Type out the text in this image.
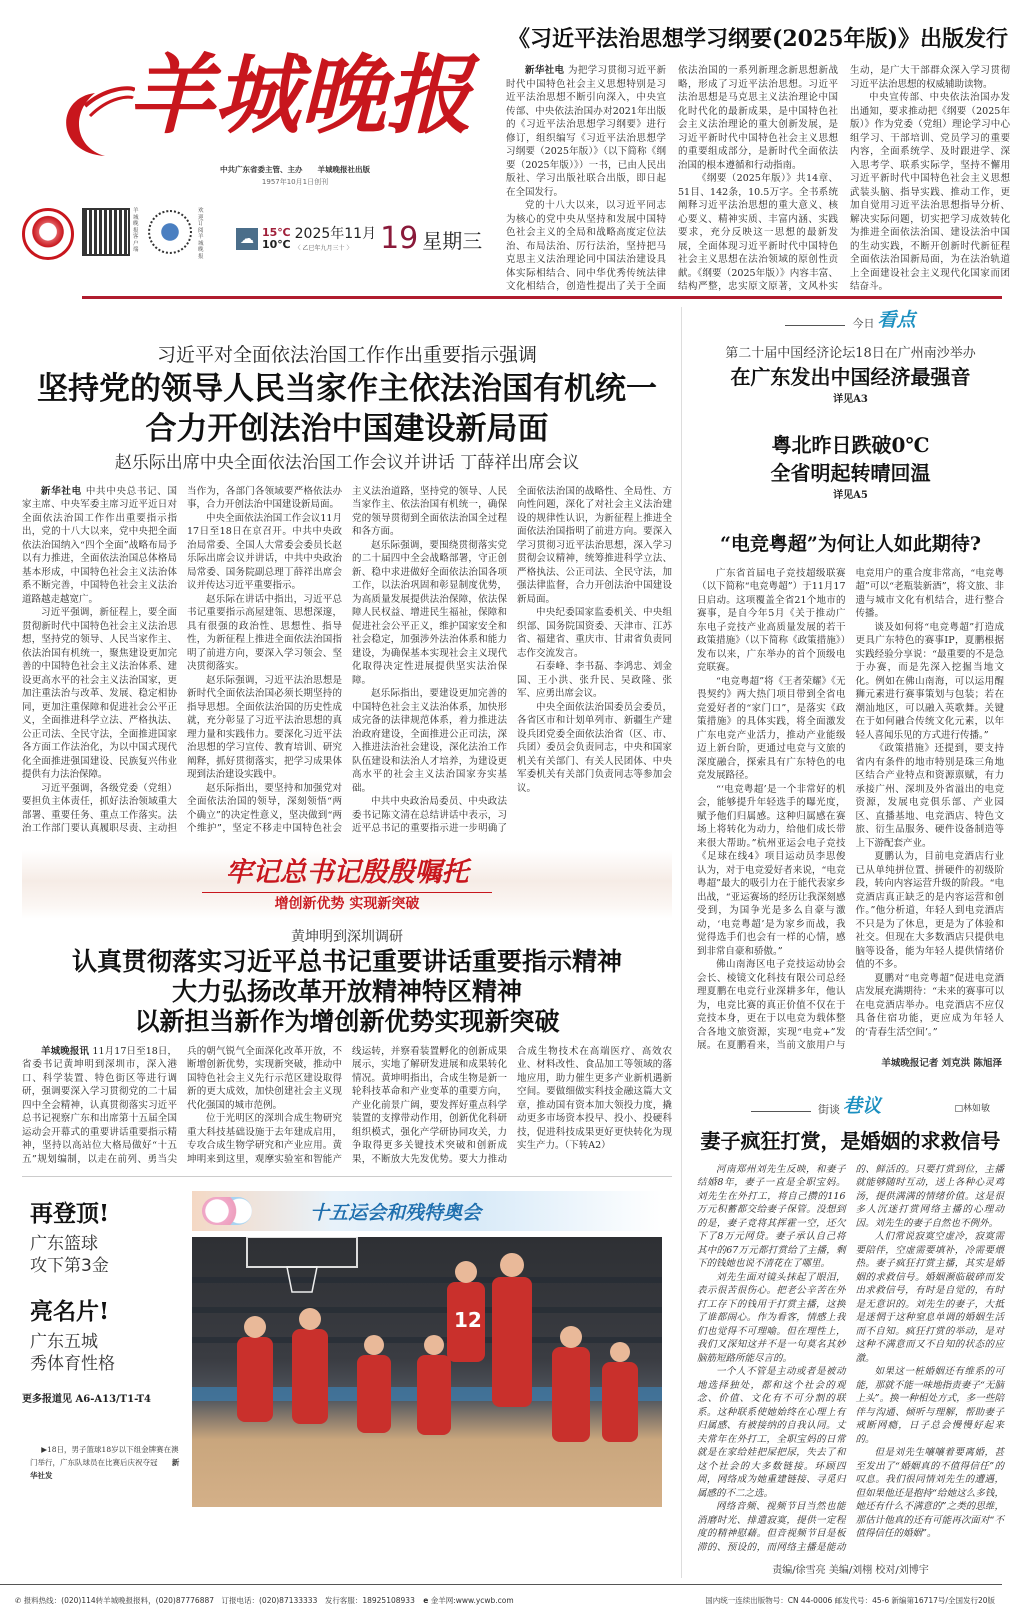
羊城晚报
中共广东省委主管、主办　　羊城晚报社出版
1957年10月1日创刊
羊城晚报客户端
欢迎订阅羊城晚报
☁ 15℃
10℃
2025年11月
〈 乙巳年九月三十 〉 19 星期三
《习近平法治思想学习纲要(2025年版)》出版发行

新华社电 为把学习贯彻习近平新时代中国特色社会主义思想特别是习近平法治思想不断引向深入，中央宣传部、中央依法治国办对2021年出版的《习近平法治思想学习纲要》进行修订，组织编写《习近平法治思想学习纲要（2025年版）》（以下简称《纲要（2025年版）》）一书，已由人民出版社、学习出版社联合出版，即日起在全国发行。

党的十八大以来，以习近平同志为核心的党中央从坚持和发展中国特色社会主义的全局和战略高度定位法治、布局法治、厉行法治，坚持把马克思主义法治理论同中国法治建设具体实际相结合、同中华优秀传统法律文化相结合，创造性提出了关于全面依法治国的一系列新理念新思想新战略，形成了习近平法治思想。习近平法治思想是马克思主义法治理论中国化时代化的最新成果，是中国特色社会主义法治理论的重大创新发展，是习近平新时代中国特色社会主义思想的重要组成部分，是新时代全面依法治国的根本遵循和行动指南。

《纲要（2025年版）》共14章、51目、142条，10.5万字。全书系统阐释习近平法治思想的重大意义、核心要义、精神实质、丰富内涵、实践要求，充分反映这一思想的最新发展，全面体现习近平新时代中国特色社会主义思想在法治领域的原创性贡献。《纲要（2025年版）》内容丰富、结构严整，忠实原文原著，文风朴实生动，是广大干部群众深入学习贯彻习近平法治思想的权威辅助读物。

中央宣传部、中央依法治国办发出通知，要求推动把《纲要（2025年版）》作为党委（党组）理论学习中心组学习、干部培训、党员学习的重要内容，全面系统学、及时跟进学、深入思考学、联系实际学，坚持不懈用习近平新时代中国特色社会主义思想武装头脑、指导实践、推动工作，更加自觉用习近平法治思想指导分析、解决实际问题，切实把学习成效转化为推进全面依法治国、建设法治中国的生动实践，不断开创新时代新征程全面依法治国新局面，为在法治轨道上全面建设社会主义现代化国家而团结奋斗。

习近平对全面依法治国工作作出重要指示强调
坚持党的领导人民当家作主依法治国有机统一
合力开创法治中国建设新局面
赵乐际出席中央全面依法治国工作会议并讲话 丁薛祥出席会议

新华社电 中共中央总书记、国家主席、中央军委主席习近平近日对全面依法治国工作作出重要指示指出，党的十八大以来，党中央把全面依法治国纳入“四个全面”战略布局予以有力推进，全面依法治国总体格局基本形成，中国特色社会主义法治体系不断完善，中国特色社会主义法治道路越走越宽广。

习近平强调，新征程上，要全面贯彻新时代中国特色社会主义法治思想，坚持党的领导、人民当家作主、依法治国有机统一，聚焦建设更加完善的中国特色社会主义法治体系、建设更高水平的社会主义法治国家，更加注重法治与改革、发展、稳定相协同，更加注重保障和促进社会公平正义，全面推进科学立法、严格执法、公正司法、全民守法，全面推进国家各方面工作法治化，为以中国式现代化全面推进强国建设、民族复兴伟业提供有力法治保障。

习近平强调，各级党委（党组）要担负主体责任，抓好法治领域重大部署、重要任务、重点工作落实。法治工作部门要认真履职尽责、主动担当作为，各部门各领域要严格依法办事，合力开创法治中国建设新局面。

中央全面依法治国工作会议11月17日至18日在京召开。中共中央政治局常委、全国人大常委会委员长赵乐际出席会议并讲话，中共中央政治局常委、国务院副总理丁薛祥出席会议并传达习近平重要指示。

赵乐际在讲话中指出，习近平总书记重要指示高屋建瓴、思想深邃，具有很强的政治性、思想性、指导性，为新征程上推进全面依法治国指明了前进方向，要深入学习领会、坚决贯彻落实。

赵乐际强调，习近平法治思想是新时代全面依法治国必须长期坚持的指导思想。全面依法治国的历史性成就，充分彰显了习近平法治思想的真理力量和实践伟力。要深化习近平法治思想的学习宣传、教育培训、研究阐释，抓好贯彻落实，把学习成果体现到法治建设实践中。

赵乐际指出，要坚持和加强党对全面依法治国的领导，深刻领悟“两个确立”的决定性意义，坚决做到“两个维护”，坚定不移走中国特色社会主义法治道路，坚持党的领导、人民当家作主、依法治国有机统一，确保党的领导贯彻到全面依法治国全过程和各方面。

赵乐际强调，要围绕贯彻落实党的二十届四中全会战略部署，守正创新、稳中求进做好全面依法治国各项工作，以法治巩固和彰显制度优势，为高质量发展提供法治保障，依法保障人民权益、增进民生福祉，保障和促进社会公平正义，维护国家安全和社会稳定，加强涉外法治体系和能力建设，为确保基本实现社会主义现代化取得决定性进展提供坚实法治保障。

赵乐际指出，要建设更加完善的中国特色社会主义法治体系，加快形成完备的法律规范体系，着力推进法治政府建设，全面推进公正司法，深入推进法治社会建设，深化法治工作队伍建设和法治人才培养，为建设更高水平的社会主义法治国家夯实基础。

中共中央政治局委员、中央政法委书记陈文清在总结讲话中表示，习近平总书记的重要指示进一步明确了全面依法治国的战略性、全局性、方向性问题，深化了对社会主义法治建设的规律性认识，为新征程上推进全面依法治国指明了前进方向。要深入学习贯彻习近平法治思想，深入学习贯彻会议精神，统筹推进科学立法、严格执法、公正司法、全民守法，加强法律监督，合力开创法治中国建设新局面。

中央纪委国家监委机关、中央组织部、国务院国资委、天津市、江苏省、福建省、重庆市、甘肃省负责同志作交流发言。

石泰峰、李书磊、李鸿忠、刘金国、王小洪、张升民、吴政隆、张军、应勇出席会议。

中央全面依法治国委员会委员，各省区市和计划单列市、新疆生产建设兵团党委全面依法治省（区、市、兵团）委员会负责同志，中央和国家机关有关部门、有关人民团体、中央军委机关有关部门负责同志等参加会议。

牢记总书记殷殷嘱托
增创新优势 实现新突破
黄坤明到深圳调研
认真贯彻落实习近平总书记重要讲话重要指示精神
大力弘扬改革开放精神特区精神
以新担当新作为增创新优势实现新突破

羊城晚报讯 11月17日至18日，省委书记黄坤明到深圳市，深入港口、科学装置、特色街区等进行调研，强调要深入学习贯彻党的二十届四中全会精神，认真贯彻落实习近平总书记视察广东和出席第十五届全国运动会开幕式的重要讲话重要指示精神，坚持以高站位大格局做好“十五五”规划编制，以走在前列、勇当尖兵的朝气锐气全面深化改革开放，不断增创新优势，实现新突破，推动中国特色社会主义先行示范区建设取得新的更大成效，加快创建社会主义现代化强国的城市范例。

位于光明区的深圳合成生物研究重大科技基础设施于去年建成启用，专攻合成生物学研究和产业应用。黄坤明来到这里，观摩实验室和智能产线运转，并察看装置孵化的创新成果展示，实地了解研发进展和成果转化情况。黄坤明指出，合成生物是新一轮科技革命和产业变革的重要方向，产业化前景广阔，要发挥好重点科学装置的支撑带动作用，创新优化科研组织模式，强化产学研协同攻关，力争取得更多关键技术突破和创新成果，不断放大先发优势。要大力推动合成生物技术在高端医疗、高效农业、材料改性、食品加工等领域的落地应用，助力催生更多产业新机遇新空间。要做细做实科技金融这篇大文章，推动国有资本加大领投力度，撬动更多市场资本投早、投小、投硬科技，促进科技成果更好更快转化为现实生产力。（下转A2）

再登顶!
广东篮球
攻下第3金
亮名片!
广东五城
秀体育性格
更多报道见 A6-A13/T1-T4
▶18日，男子篮球18岁以下组金牌赛在澳门举行，广东队球员在比赛后庆祝夺冠 新华社发
十五运会和残特奥会
12
今日 看点
第二十届中国经济论坛18日在广州南沙举办
在广东发出中国经济最强音
详见A3
粤北昨日跌破0℃
全省明起转晴回温
详见A5
“电竞粤超”为何让人如此期待?

广东省首届电子竞技超级联赛（以下简称“电竞粤超”）于11月17日启动。这项覆盖全省21个地市的赛事，是自今年5月《关于推动广东电子竞技产业高质量发展的若干政策措施》（以下简称《政策措施》）发布以来，广东举办的首个顶级电竞联赛。

“电竞粤超”将《王者荣耀》《无畏契约》两大热门项目带到全省电竞爱好者的“家门口”，是落实《政策措施》的具体实践，将全面激发广东电竞产业活力，推动产业能级迈上新台阶，更通过电竞与文旅的深度融合，探索具有广东特色的电竞发展路径。

“‘电竞粤超’是一个非常好的机会，能够提升年轻选手的曝光度，赋予他们归属感。这种归属感在赛场上将转化为动力，给他们成长带来很大帮助。”杭州亚运会电子竞技《足球在线4》项目运动员李思俊认为，对于电竞爱好者来说，“电竞粤超”最大的吸引力在于能代表家乡出战，“亚运赛场的经历让我深刻感受到，为国争光是多么自豪与激动，‘电竞粤超’是为家乡而战，我觉得选手们也会有一样的心情，感到非常自豪和骄傲。”

佛山南海区电子竞技运动协会会长、棱镜文化科技有限公司总经理夏鹏在电竞行业深耕多年，他认为，电竞比赛的真正价值不仅在于竞技本身，更在于以电竞为载体整合各地文旅资源，实现“电竞+”发展。在夏鹏看来，当前文旅用户与电竞用户的重合度非常高，“电竞粤超”可以“老瓶装新酒”，将文旅、非遗与城市文化有机结合，进行整合传播。

谈及如何将“电竞粤超”打造成更具广东特色的赛事IP，夏鹏根据实践经验分享说：“最重要的不是急于办赛，而是先深入挖掘当地文化。例如在佛山南海，可以运用醒狮元素进行赛事策划与包装；若在潮汕地区，可以融入英歌舞。关键在于如何融合传统文化元素，以年轻人喜闻乐见的方式进行传播。”

《政策措施》还提到，要支持省内有条件的地市特别是珠三角地区结合产业特点和资源禀赋，有力承接广州、深圳及外省溢出的电竞资源，发展电竞俱乐部、产业园区、直播基地、电竞酒店、特色文旅、衍生品服务、硬件设备制造等上下游配套产业。

夏鹏认为，目前电竞酒店行业已从单纯拼位置、拼硬件的初级阶段，转向内容运营升级的阶段。“电竞酒店真正缺乏的是内容运营和创作。”他分析道，年轻人到电竞酒店不只是为了休息，更是为了体验和社交。但现在大多数酒店只提供电脑等设备，能为年轻人提供情绪价值的不多。

夏鹏对“电竞粤超”促进电竞酒店发展充满期待：“未来的赛事可以在电竞酒店举办。电竞酒店不应仅具备住宿功能，更应成为年轻人的‘青春生活空间’。”

羊城晚报记者 刘克洪 陈旭泽
街谈 巷议	□林如敏
妻子疯狂打赏，是婚姻的求救信号

河南郑州刘先生反映，和妻子结婚8年，妻子一直是全职宝妈。刘先生在外打工，将自己攒的116万元积蓄都交给妻子保管。没想到的是，妻子竟将其挥霍一空，还欠下了8万元网贷。妻子承认自己将其中的67万元都打赏给了主播，剩下的钱她也说不清花在了哪里。

刘先生面对镜头抹起了眼泪，表示很苦很伤心。把老公辛苦在外打工存下的钱用于打赏主播，这换了谁都闹心。作为看客，情感上我们也觉得不可理喻。但在理性上，我们又深知这并不是一句莫名其妙脑筋短路所能尽言的。

一个人不管是主动或者是被动地选择独处，都和这个社会的观念、价值、文化有不可分割的联系。这种联系使她始终在心理上有归属感、有被接纳的自我认同。丈夫常年在外打工，全职宝妈的日常就是在家给娃把屎把尿，失去了和这个社会的大多数链接。环顾四周，网络成为她重建链接、寻觅归属感的不二之选。

网络音频、视频节目当然也能消磨时光、排遣寂寞，提供一定程度的精神慰藉。但音视频节目是板滞的、预设的，而网络主播是能动的、鲜活的。只要打赏到位，主播就能够随时互动，送上各种心灵鸡汤，提供满满的情绪价值。这是很多人沉迷打赏网络主播的心理动因。刘先生的妻子自然也不例外。

人们常说寂寞空虚冷，寂寞需要陪伴，空虚需要填补，冷需要煨热。妻子疯狂打赏主播，其实是婚姻的求救信号。婚姻濒临破碎而发出求救信号，有时是自觉的，有时是无意识的。刘先生的妻子，大抵是迷惘于这种窒息单调的婚姻生活而不自知。疯狂打赏的举动，是对这种不满意而又不自知的状态的应激。

如果这一桩婚姻还有维系的可能，那就不能一味地指责妻子“无脑上头”。换一种相处方式，多一些陪伴与沟通、倾听与理解，帮助妻子戒断网瘾，日子总会慢慢好起来的。

但是刘先生嚷嚷着要离婚，甚至发出了“婚姻真的不值得信任”的叹息。我们很同情刘先生的遭遇，但如果他还是抱持“给她这么多钱，她还有什么不满意的”之类的思维，那估计他真的还有可能再次面对“不值得信任的婚姻”。

责编/徐雪亮 美编/刘栩 校对/刘博宇
✆ 报料热线：(020)114转羊城晚报报料，(020)87776887　订报电话：(020)87133333　发行客服：18925108933 e 金羊网:www.ycwb.com	国内统一连续出版物号：CN 44-0006 邮发代号：45-6 新编第16717号/全国发行20版
